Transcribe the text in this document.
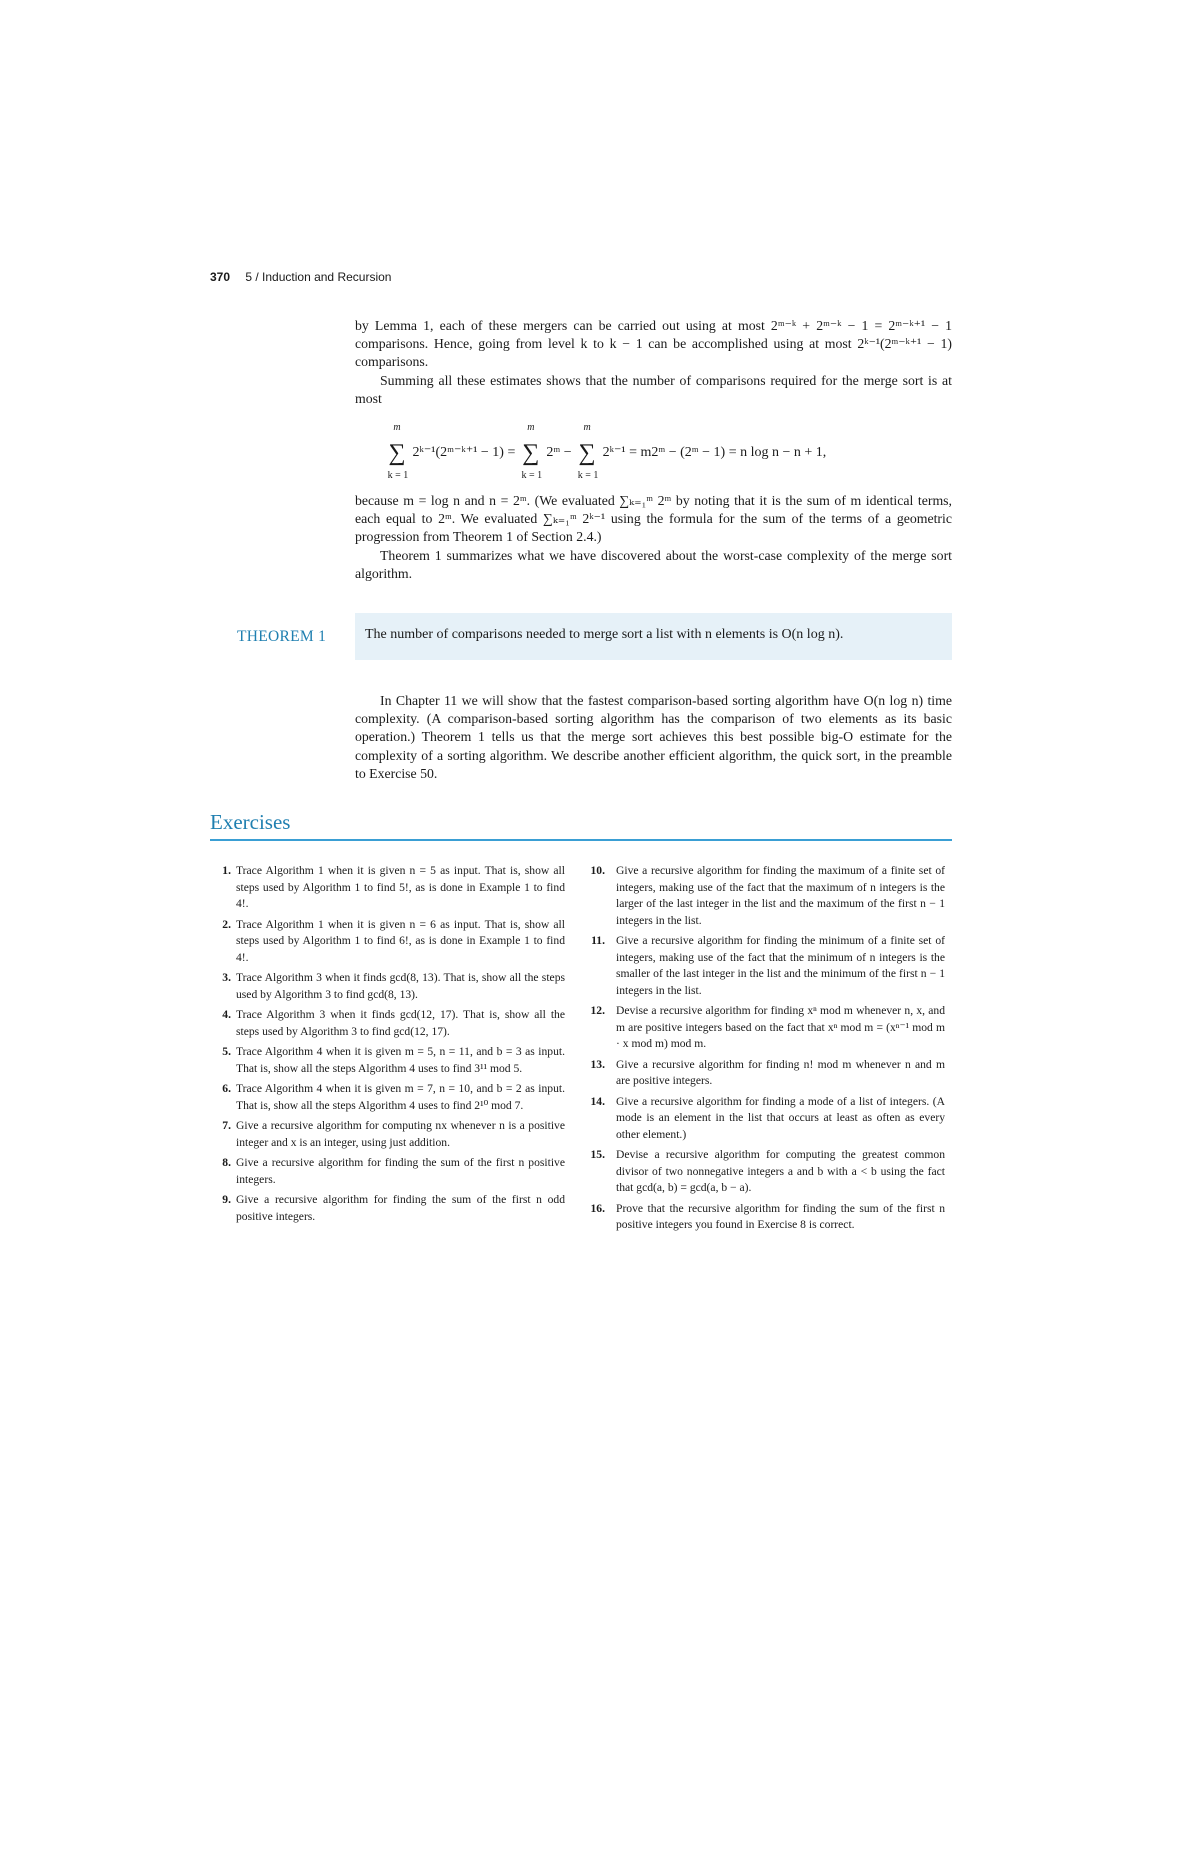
370 5 / Induction and Recursion

by Lemma 1, each of these mergers can be carried out using at most 2ᵐ⁻ᵏ + 2ᵐ⁻ᵏ − 1 = 2ᵐ⁻ᵏ⁺¹ − 1 comparisons. Hence, going from level k to k − 1 can be accomplished using at most 2ᵏ⁻¹(2ᵐ⁻ᵏ⁺¹ − 1) comparisons.

Summing all these estimates shows that the number of comparisons required for the merge sort is at most

m
∑
k = 1
2ᵏ⁻¹(2ᵐ⁻ᵏ⁺¹ − 1) =
m
∑
k = 1
2ᵐ −
m
∑
k = 1
2ᵏ⁻¹ = m2ᵐ − (2ᵐ − 1) = n log n − n + 1,

because m = log n and n = 2ᵐ. (We evaluated ∑ₖ₌₁ᵐ 2ᵐ by noting that it is the sum of m identical terms, each equal to 2ᵐ. We evaluated ∑ₖ₌₁ᵐ 2ᵏ⁻¹ using the formula for the sum of the terms of a geometric progression from Theorem 1 of Section 2.4.)

Theorem 1 summarizes what we have discovered about the worst-case complexity of the merge sort algorithm.

THEOREM 1	The number of comparisons needed to merge sort a list with n elements is O(n log n).

In Chapter 11 we will show that the fastest comparison-based sorting algorithm have O(n log n) time complexity. (A comparison-based sorting algorithm has the comparison of two elements as its basic operation.) Theorem 1 tells us that the merge sort achieves this best possible big-O estimate for the complexity of a sorting algorithm. We describe another efficient algorithm, the quick sort, in the preamble to Exercise 50.

Exercises
1. Trace Algorithm 1 when it is given n = 5 as input. That is, show all steps used by Algorithm 1 to find 5!, as is done in Example 1 to find 4!.
2. Trace Algorithm 1 when it is given n = 6 as input. That is, show all steps used by Algorithm 1 to find 6!, as is done in Example 1 to find 4!.
3. Trace Algorithm 3 when it finds gcd(8, 13). That is, show all the steps used by Algorithm 3 to find gcd(8, 13).
4. Trace Algorithm 3 when it finds gcd(12, 17). That is, show all the steps used by Algorithm 3 to find gcd(12, 17).
5. Trace Algorithm 4 when it is given m = 5, n = 11, and b = 3 as input. That is, show all the steps Algorithm 4 uses to find 3¹¹ mod 5.
6. Trace Algorithm 4 when it is given m = 7, n = 10, and b = 2 as input. That is, show all the steps Algorithm 4 uses to find 2¹⁰ mod 7.
7. Give a recursive algorithm for computing nx whenever n is a positive integer and x is an integer, using just addition.
8. Give a recursive algorithm for finding the sum of the first n positive integers.
9. Give a recursive algorithm for finding the sum of the first n odd positive integers.
10. Give a recursive algorithm for finding the maximum of a finite set of integers, making use of the fact that the maximum of n integers is the larger of the last integer in the list and the maximum of the first n − 1 integers in the list.
11. Give a recursive algorithm for finding the minimum of a finite set of integers, making use of the fact that the minimum of n integers is the smaller of the last integer in the list and the minimum of the first n − 1 integers in the list.
12. Devise a recursive algorithm for finding xⁿ mod m whenever n, x, and m are positive integers based on the fact that xⁿ mod m = (xⁿ⁻¹ mod m · x mod m) mod m.
13. Give a recursive algorithm for finding n! mod m whenever n and m are positive integers.
14. Give a recursive algorithm for finding a mode of a list of integers. (A mode is an element in the list that occurs at least as often as every other element.)
15. Devise a recursive algorithm for computing the greatest common divisor of two nonnegative integers a and b with a < b using the fact that gcd(a, b) = gcd(a, b − a).
16. Prove that the recursive algorithm for finding the sum of the first n positive integers you found in Exercise 8 is correct.
